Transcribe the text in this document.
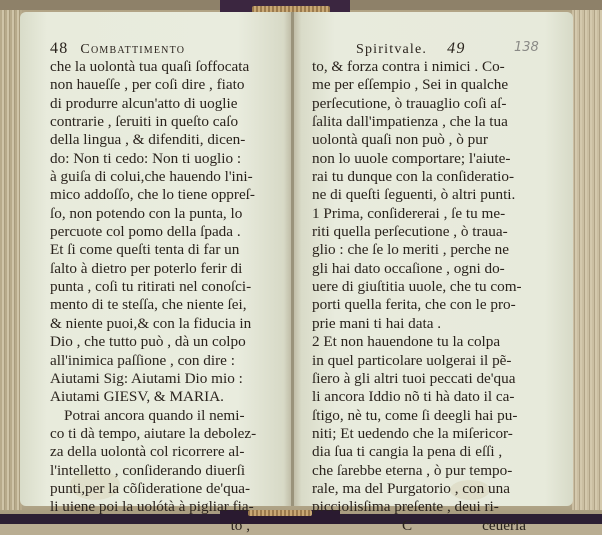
48 Combattimento
che la uolontà tua quaſi ſoffocata
non haueſſe , per coſi dire , fiato
di produrre alcun'atto di uoglie
contrarie , ſeruiti in queſto caſo
della lingua , & difenditi, dicen-
do: Non ti cedo: Non ti uoglio :
à guiſa di colui,che hauendo l'ini-
mico addoſſo, che lo tiene oppreſ-
ſo, non potendo con la punta, lo
percuote col pomo della ſpada .
Et ſi come queſti tenta di far un
ſalto à dietro per poterlo ferir di
punta , coſi tu ritirati nel conoſci-
mento di te steſſa, che niente ſei,
& niente puoi,& con la fiducia in
Dio , che tutto può , dà un colpo
all'inimica paſſione , con dire :
Aiutami Sig: Aiutami Dio mio :
Aiutami GIESV, & MARIA.
Potrai ancora quando il nemi-
co ti dà tempo, aiutare la debolez-
za della uolontà col ricorrere al-
l'intelletto , conſiderando diuerſi
punti,per la cõſideratione de'qua-
li uiene poi la uolótà à pigliar fia-
to ,
138
Spiritvale. 49
to, & forza contra i nimici . Co-
me per eſſempio , Sei in qualche
perſecutione, ò trauaglio coſi aſ-
ſalita dall'impatienza , che la tua
uolontà quaſi non può , ò pur
non lo uuole comportare; l'aiute-
rai tu dunque con la conſideratio-
ne di queſti ſeguenti, ò altri punti.
1 Prima, conſidererai , ſe tu me-
riti quella perſecutione , ò traua-
glio : che ſe lo meriti , perche ne
gli hai dato occaſione , ogni do-
uere di giuſtitia uuole, che tu com-
porti quella ferita, che con le pro-
prie mani ti hai data .
2 Et non hauendone tu la colpa
in quel particolare uolgerai il pẽ-
ſiero à gli altri tuoi peccati de'qua
li ancora Iddio nõ ti hà dato il ca-
ſtigo, nè tu, come ſi deegli hai pu-
niti; Et uedendo che la miſericor-
dia ſua ti cangia la pena di eſſi ,
che ſarebbe eterna , ò pur tempo-
rale, ma del Purgatorio , con una
picciolisſima preſente , deui ri-
C	ceuerla
